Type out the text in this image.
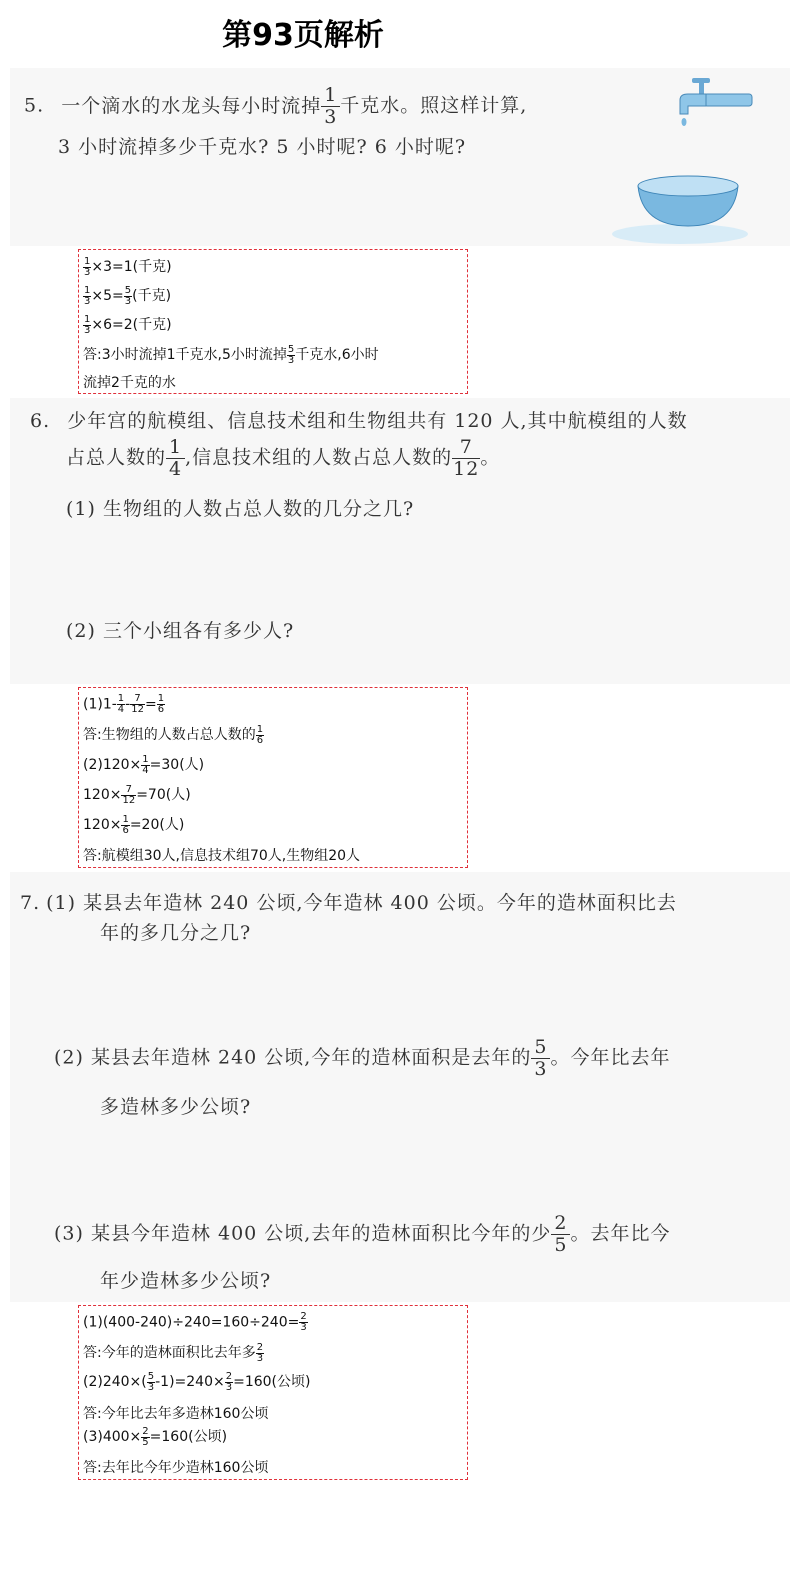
第93页解析
5. 一个滴水的水龙头每小时流掉 $\frac{1}{3}$ 千克水。照这样计算,
3 小时流掉多少千克水? 5 小时呢? 6 小时呢?
$\frac{1}{3} \times 3=1$(千克)
$\frac{1}{3} \times 5= \frac{5}{3}$ (千克)
$\frac{1}{3} \times 6=2$(千克)
答:3小时流掉1千克水,5小时流掉 $\frac{5}{3}$ 千克水,6小时
流掉2千克的水
6. 少年宫的航模组、信息技术组和生物组共有 120 人,其中航模组的人数
占总人数的 $\frac{1}{4}$ ,信息技术组的人数占总人数的 $\frac{7}{12}$ 。
(1) 生物组的人数占总人数的几分之几?
(2) 三个小组各有多少人?
$(1)1- \frac{1}{4} - \frac{7}{12} = \frac{1}{6}$
答:生物组的人数占总人数的 $\frac{1}{6}$
$(2)120\times \frac{1}{4} =30$(人)
$120\times \frac{7}{12} =70$(人)
$120\times \frac{1}{6} =20$(人)
答:航模组30人,信息技术组70人,生物组20人
7. (1) 某县去年造林 240 公顷,今年造林 400 公顷。今年的造林面积比去
年的多几分之几?
(2) 某县去年造林 240 公顷,今年的造林面积是去年的 $\frac{5}{3}$ 。今年比去年
多造林多少公顷?
(3) 某县今年造林 400 公顷,去年的造林面积比今年的少 $\frac{2}{5}$ 。去年比今
年少造林多少公顷?
$(1)(400-240)\div 240=160\div 240= \frac{2}{3}$
答:今年的造林面积比去年多 $\frac{2}{3}$
$(2)240\times( \frac{5}{3} -1)=240\times \frac{2}{3} =160$(公顷)
答:今年比去年多造林160公顷
$(3)400\times \frac{2}{5} =160$(公顷)
答:去年比今年少造林160公顷
